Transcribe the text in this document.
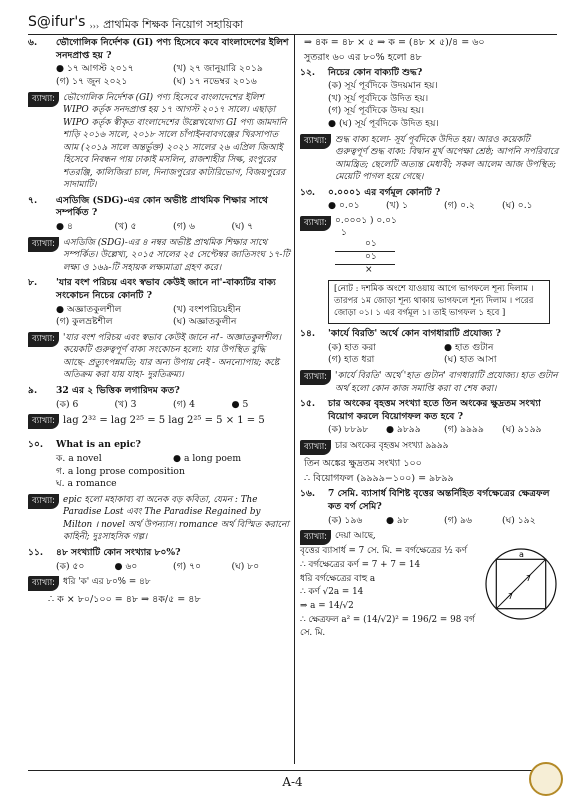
S@ifur's ››› প্রাথমিক শিক্ষক নিয়োগ সহায়িকা
৬.	ভৌগোলিক নির্দেশক (GI) পণ্য হিসেবে কবে বাংলাদেশের ইলিশ সনদপ্রাপ্ত হয় ?
● ১৭ আগস্ট ২০১৭	(খ) ২৭ জানুয়ারি ২০১৯
(গ) ১৭ জুন ২০২১	(ঘ) ১৭ নভেম্বর ২০১৬
ব্যাখ্যা: ভৌগোলিক নির্দেশক (GI) পণ্য হিসেবে বাংলাদেশের ইলিশ WIPO কর্তৃক সনদপ্রাপ্ত হয় ১৭ আগস্ট ২০১৭ সালে। এছাড়া WIPO কর্তৃক স্বীকৃত বাংলাদেশের উল্লেখযোগ্য GI পণ্য জামদানি শাড়ি ২০১৬ সালে, ২০১৮ সালে চাঁপাইনবাবগঞ্জের খিরসাপাত আম (২০১৯ সালে অন্তর্ভুক্ত) ২০২১ সালের ২৬ এপ্রিল জিআই হিসেবে নিবন্ধন পায় ঢাকাই মসলিন, রাজশাহীর সিল্ক, রংপুরের শতরঞ্জি, কালিজিরা চাল, দিনাজপুরের কাটারিভোগ, বিজয়পুরের সাদামাটি।
৭.	এসডিজি (SDG)-এর কোন অভীষ্ট প্রাথমিক শিক্ষার সাথে সম্পর্কিত ?
● ৪	(খ) ৫	(গ) ৬	(ঘ) ৭
ব্যাখ্যা: এসডিজি (SDG)-এর ৪ নম্বর অভীষ্ট প্রাথমিক শিক্ষার সাথে সম্পর্কিত। উল্লেখ্য, ২০১৫ সালের ২৫ সেপ্টেম্বর জাতিসংঘ ১৭-টি লক্ষ্য ও ১৬৯-টি সহায়ক লক্ষ্যমাত্রা গ্রহণ করে।
৮.	'যার বংশ পরিচয় এবং স্বভাব কেউই জানে না'-বাক্যটির বাক্য সংকোচন নিচের কোনটি ?
● অজ্ঞাতকুলশীল	(খ) বংশপরিচয়হীন
(গ) কুলভ্রষ্টশীল	(ঘ) অজ্ঞাতকুলীন
ব্যাখ্যা: 'যার বংশ পরিচয় এবং স্বভাব কেউই জানে না'- অজ্ঞাতকুলশীল। কয়েকটি গুরুত্বপূর্ণ বাক্য সংকোচন হলো: যার উপস্থিত বুদ্ধি আছে- প্রত্যুৎপন্নমতি; যার অন্য উপায় নেই - অনন্যোপায়; কষ্টে অতিক্রম করা যায় যাহা- দুরতিক্রম্য।
৯.	32 এর ২ ভিত্তিক লগারিদম কত?
(ক) 6	(খ) 3	(গ) 4	● 5
ব্যাখ্যা: lag 2³² = lag 2²⁵ = 5 lag 2²⁵ = 5 × 1 = 5
১০.	What is an epic?
ক. a novel	● a long poem
গ. a long prose composition
ঘ. a romance
ব্যাখ্যা: epic হলো মহাকাব্য বা অনেক বড় কবিতা, যেমন : The Paradise Lost এবং The Paradise Regained by Milton । novel অর্থ উপন্যাস। romance অর্থ বিস্মিত করানো কাহিনী; দুঃসাহসিক গল্প।
১১.	৪৮ সংখ্যাটি কোন সংখ্যার ৮০%?
(ক) ৫০	● ৬০	(গ) ৭০	(ঘ) ৮০
ব্যাখ্যা: ধরি 'ক' এর ৮০% = ৪৮
∴ ক × ৮০/১০০ = ৪৮ ⇒ ৪ক/৫ = ৪৮
⇒ ৪ক = ৪৮ × ৫ ⇒ ক = (৪৮ × ৫)/৪ = ৬০
সুতরাং ৬০ এর ৮০% হলো ৪৮
১২.	নিচের কোন বাক্যটি শুদ্ধ?
(ক) সূর্য পূর্বদিকে উদয়মান হয়।
(খ) সূর্য পূর্বদিকে উদিত হয়।
(গ) সূর্য পূর্বদিকে উদয় হয়।
● (ঘ) সূর্য পূর্বদিকে উদিত হয়।
ব্যাখ্যা: শুদ্ধ বাক্য হলো- সূর্য পূর্বদিকে উদিত হয়। আরও কয়েকটি গুরুত্বপূর্ণ শুদ্ধ বাক্য: বিদ্বান মূর্খ অপেক্ষা শ্রেষ্ঠ; আপনি সপরিবারে আমন্ত্রিত; ছেলেটি অত্যন্ত মেধাবী; সকল আলেম আজ উপস্থিত; মেয়েটি পাগল হয়ে গেছে।
১৩.	০.০০০১ এর বর্গমূল কোনটি ?
● ০.০১	(খ) ১	(গ) ০.২	(ঘ) ০.১
ব্যাখ্যা: ০.০০০১ ) ০.০১
১
০১
০১
×
[নোট : দশমিক অংশে যাওয়ায় আগে ভাগফলে শূন্য দিলাম । তারপর ১ম জোড়া শূন্য থাকায় ভাগফলে শূন্য দিলাম । পরের জোড়া ০১। ১ এর বর্গমূল ১। তাই ভাগফল ১ হবে ]
১৪.	'কার্যে বিরতি' অর্থে কোন বাগধারাটি প্রযোজ্য ?
(ক) হাত করা	● হাত গুটান
(গ) হাত ধরা	(ঘ) হাত আসা
ব্যাখ্যা: 'কার্যে বিরতি' অর্থে 'হাত গুটান' বাগধারাটি প্রযোজ্য। হাত গুটান অর্থ হলো কোন কাজ সমাপ্তি করা বা শেষ করা।
১৫.	চার অংকের বৃহত্তম সংখ্যা হতে তিন অংকের ক্ষুদ্রতম সংখ্যা বিয়োগ করলে বিয়োগফল কত হবে ?
(ক) ৮৮৯৮	● ৯৮৯৯	(গ) ৯৯৯৯	(ঘ) ৯১৯৯
ব্যাখ্যা: চার অংকের বৃহত্তম সংখ্যা ৯৯৯৯
তিন অঙ্কের ক্ষুদ্রতম সংখ্যা ১০০
∴ বিয়োগফল (৯৯৯৯−১০০) = ৯৮৯৯
১৬.	7 সেমি. ব্যাসার্ধ বিশিষ্ট বৃত্তের অন্তর্নিহিত বর্গক্ষেত্রের ক্ষেত্রফল কত বর্গ সেমি?
(ক) ১৯৬	● ৯৮	(গ) ৯৬	(ঘ) ১৯২
ব্যাখ্যা: দেয়া আছে,
বৃত্তের ব্যাসার্ধ = 7 সে. মি. = বর্গক্ষেত্রের ½ কর্ণ
∴ বর্গক্ষেত্রের কর্ণ = 7 + 7 = 14
ধরি বর্গক্ষেত্রের বাহু a
∴ কর্ণ √2a = 14
⇒ a = 14/√2
∴ ক্ষেত্রফল a² = (14/√2)² = 196/2 = 98 বর্গ সে. মি.
a
7
7
A-4
